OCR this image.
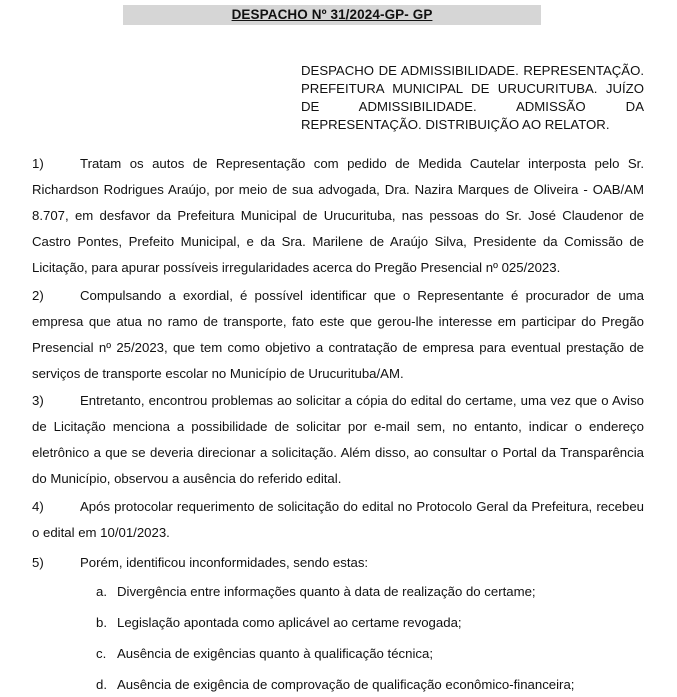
DESPACHO Nº 31/2024-GP- GP
DESPACHO DE ADMISSIBILIDADE. REPRESENTAÇÃO. PREFEITURA MUNICIPAL DE URUCURITUBA. JUÍZO DE ADMISSIBILIDADE. ADMISSÃO DA REPRESENTAÇÃO. DISTRIBUIÇÃO AO RELATOR.
1)	Tratam os autos de Representação com pedido de Medida Cautelar interposta pelo Sr. Richardson Rodrigues Araújo, por meio de sua advogada, Dra. Nazira Marques de Oliveira - OAB/AM 8.707, em desfavor da Prefeitura Municipal de Urucurituba, nas pessoas do Sr. José Claudenor de Castro Pontes, Prefeito Municipal, e da Sra. Marilene de Araújo Silva, Presidente da Comissão de Licitação, para apurar possíveis irregularidades acerca do Pregão Presencial nº 025/2023.
2)	Compulsando a exordial, é possível identificar que o Representante é procurador de uma empresa que atua no ramo de transporte, fato este que gerou-lhe interesse em participar do Pregão Presencial nº 25/2023, que tem como objetivo a contratação de empresa para eventual prestação de serviços de transporte escolar no Município de Urucurituba/AM.
3)	Entretanto, encontrou problemas ao solicitar a cópia do edital do certame, uma vez que o Aviso de Licitação menciona a possibilidade de solicitar por e-mail sem, no entanto, indicar o endereço eletrônico a que se deveria direcionar a solicitação. Além disso, ao consultar o Portal da Transparência do Município, observou a ausência do referido edital.
4)	Após protocolar requerimento de solicitação do edital no Protocolo Geral da Prefeitura, recebeu o edital em 10/01/2023.
5)	Porém, identificou inconformidades, sendo estas:
a. Divergência entre informações quanto à data de realização do certame;
b. Legislação apontada como aplicável ao certame revogada;
c. Ausência de exigências quanto à qualificação técnica;
d. Ausência de exigência de comprovação de qualificação econômico-financeira;
